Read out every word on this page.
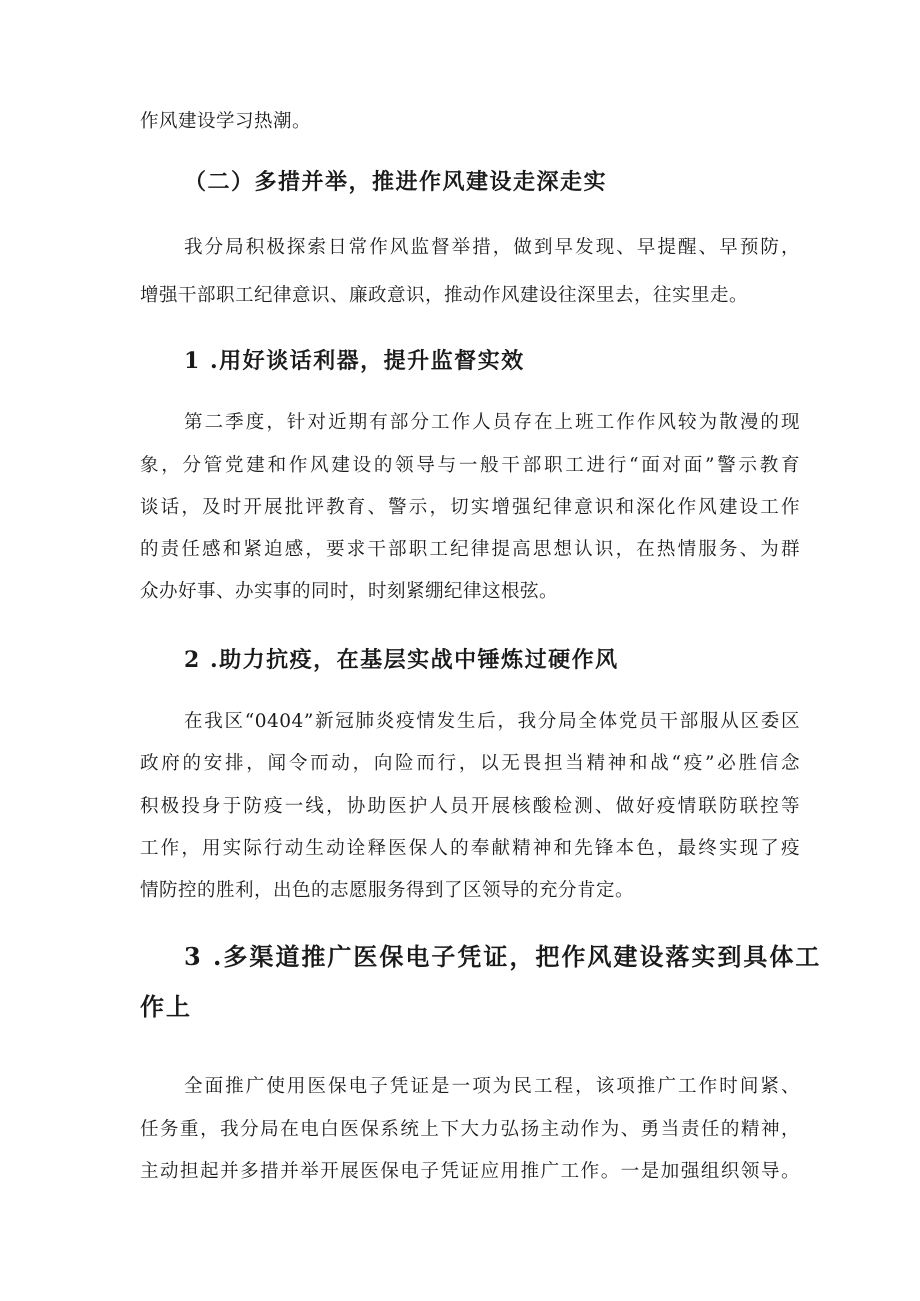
作风建设学习热潮。
（二）多措并举，推进作风建设走深走实
我分局积极探索日常作风监督举措，做到早发现、早提醒、早预防，
增强干部职工纪律意识、廉政意识，推动作风建设往深里去，往实里走。
1 .用好谈话利器，提升监督实效
第二季度，针对近期有部分工作人员存在上班工作作风较为散漫的现
象，分管党建和作风建设的领导与一般干部职工进行“面对面”警示教育
谈话，及时开展批评教育、警示，切实增强纪律意识和深化作风建设工作
的责任感和紧迫感，要求干部职工纪律提高思想认识，在热情服务、为群
众办好事、办实事的同时，时刻紧绷纪律这根弦。
2 .助力抗疫，在基层实战中锤炼过硬作风
在我区“0404”新冠肺炎疫情发生后，我分局全体党员干部服从区委区
政府的安排，闻令而动，向险而行，以无畏担当精神和战“疫”必胜信念
积极投身于防疫一线，协助医护人员开展核酸检测、做好疫情联防联控等
工作，用实际行动生动诠释医保人的奉献精神和先锋本色，最终实现了疫
情防控的胜利，出色的志愿服务得到了区领导的充分肯定。
3 .多渠道推广医保电子凭证，把作风建设落实到具体工
作上
全面推广使用医保电子凭证是一项为民工程，该项推广工作时间紧、
任务重，我分局在电白医保系统上下大力弘扬主动作为、勇当责任的精神，
主动担起并多措并举开展医保电子凭证应用推广工作。一是加强组织领导。
